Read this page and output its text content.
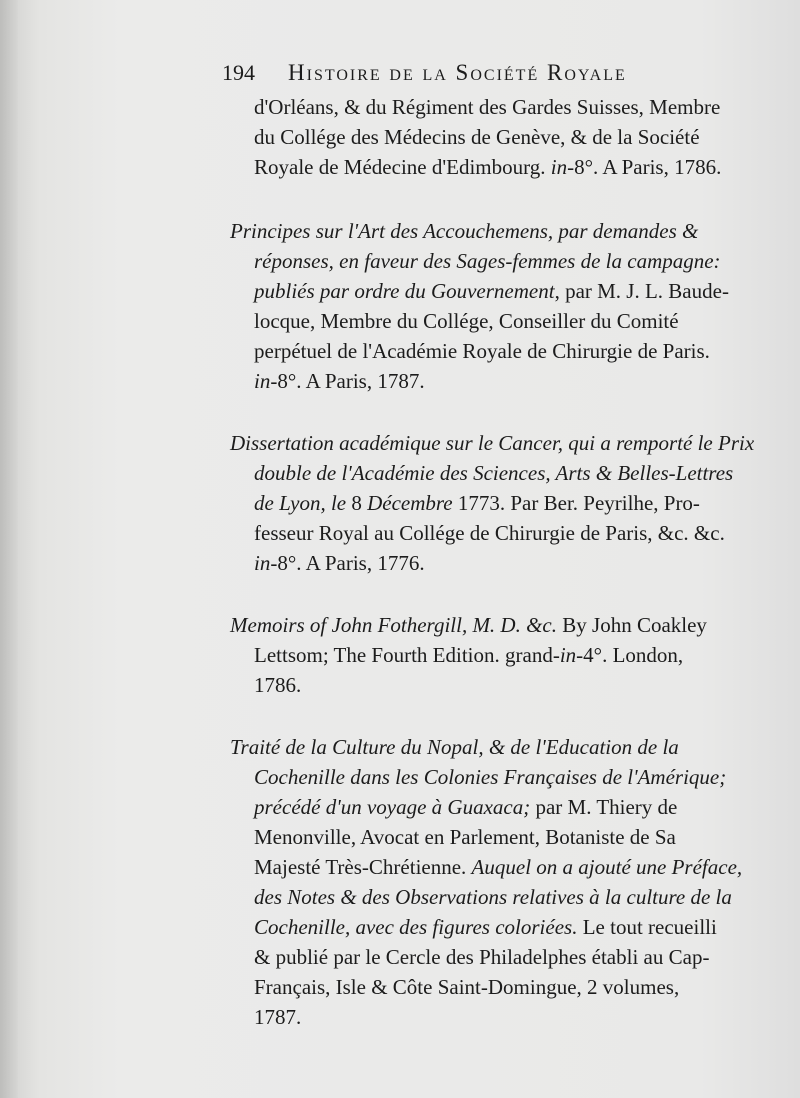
194 Histoire de la Société Royale
d'Orléans, & du Régiment des Gardes Suisses, Membre
du Collége des Médecins de Genève, & de la Société
Royale de Médecine d'Edimbourg. in-8°. A Paris, 1786.
Principes sur l'Art des Accouchemens, par demandes &
réponses, en faveur des Sages-femmes de la campagne:
publiés par ordre du Gouvernement, par M. J. L. Baude-
locque, Membre du Collége, Conseiller du Comité
perpétuel de l'Académie Royale de Chirurgie de Paris.
in-8°. A Paris, 1787.
Dissertation académique sur le Cancer, qui a remporté le Prix
double de l'Académie des Sciences, Arts & Belles-Lettres
de Lyon, le 8 Décembre 1773. Par Ber. Peyrilhe, Pro-
fesseur Royal au Collége de Chirurgie de Paris, &c. &c.
in-8°. A Paris, 1776.
Memoirs of John Fothergill, M. D. &c. By John Coakley
Lettsom; The Fourth Edition. grand-in-4°. London,
1786.
Traité de la Culture du Nopal, & de l'Education de la
Cochenille dans les Colonies Françaises de l'Amérique;
précédé d'un voyage à Guaxaca; par M. Thiery de
Menonville, Avocat en Parlement, Botaniste de Sa
Majesté Très-Chrétienne. Auquel on a ajouté une Préface,
des Notes & des Observations relatives à la culture de la
Cochenille, avec des figures coloriées. Le tout recueilli
& publié par le Cercle des Philadelphes établi au Cap-
Français, Isle & Côte Saint-Domingue, 2 volumes,
1787.
